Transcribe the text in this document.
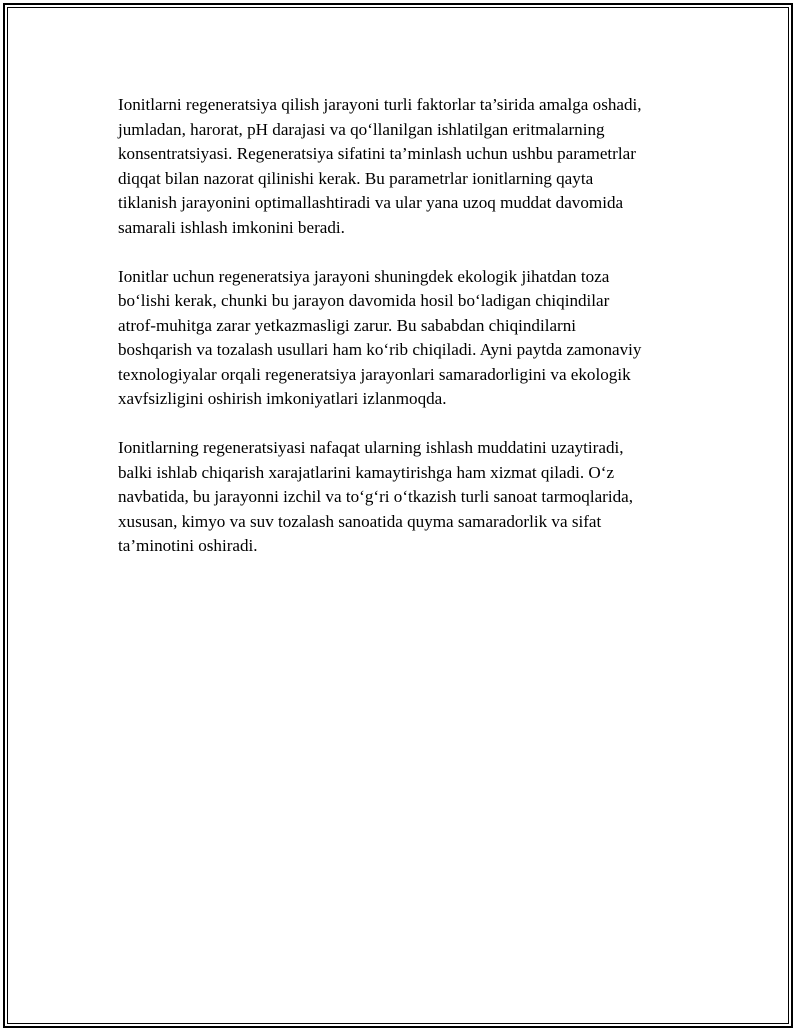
Ionitlarni regeneratsiya qilish jarayoni turli faktorlar ta’sirida amalga oshadi,
jumladan, harorat, pH darajasi va qo‘llanilgan ishlatilgan eritmalarning
konsentratsiyasi. Regeneratsiya sifatini ta’minlash uchun ushbu parametrlar
diqqat bilan nazorat qilinishi kerak. Bu parametrlar ionitlarning qayta
tiklanish jarayonini optimallashtiradi va ular yana uzoq muddat davomida
samarali ishlash imkonini beradi.

Ionitlar uchun regeneratsiya jarayoni shuningdek ekologik jihatdan toza
bo‘lishi kerak, chunki bu jarayon davomida hosil bo‘ladigan chiqindilar
atrof-muhitga zarar yetkazmasligi zarur. Bu sababdan chiqindilarni
boshqarish va tozalash usullari ham ko‘rib chiqiladi. Ayni paytda zamonaviy
texnologiyalar orqali regeneratsiya jarayonlari samaradorligini va ekologik
xavfsizligini oshirish imkoniyatlari izlanmoqda.

Ionitlarning regeneratsiyasi nafaqat ularning ishlash muddatini uzaytiradi,
balki ishlab chiqarish xarajatlarini kamaytirishga ham xizmat qiladi. O‘z
navbatida, bu jarayonni izchil va to‘g‘ri o‘tkazish turli sanoat tarmoqlarida,
xususan, kimyo va suv tozalash sanoatida quyma samaradorlik va sifat
ta’minotini oshiradi.
